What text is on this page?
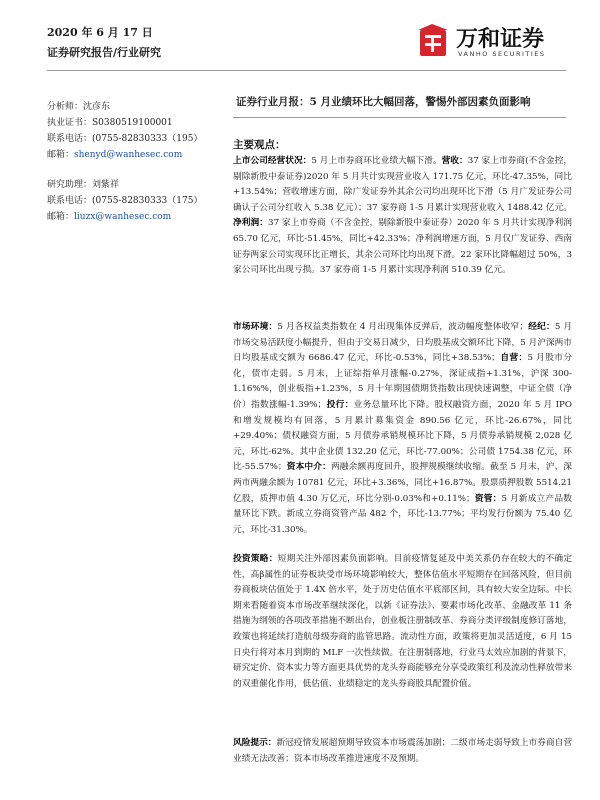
2020 年 6 月 17 日
证券研究报告/行业研究
万和证券
VANHO SECURITIES
证券行业月报：5 月业绩环比大幅回落，警惕外部因素负面影响
分析师：沈彦东
执业证书：S0380519100001
联系电话：(0755-82830333（195）
邮箱：shenyd@wanhesec.com
研究助理：刘紫祥
联系电话：(0755-82830333（175）
邮箱：liuzx@wanhesec.com
主要观点：
上市公司经营状况：5 月上市券商环比业绩大幅下滑。营收：37 家上市券商(不含金控，剔除新股中泰证券)2020 年 5 月共计实现营业收入 171.75 亿元，环比-47.35%，同比+13.54%；营收增速方面，除广发证券外其余公司均出现环比下滑（5 月广发证券公司确认子公司分红收入 5.38 亿元）；37 家券商 1-5 月累计实现营业收入 1488.42 亿元。净利润：37 家上市券商（不含金控，剔除新股中泰证券）2020 年 5 月共计实现净利润 65.70 亿元，环比-51.45%，同比+42.33%；净利润增速方面，5 月仅广发证券、西南证券两家公司实现环比正增长，其余公司环比均出现下滑。22 家环比降幅超过 50%，3 家公司环比出现亏损。37 家券商 1-5 月累计实现净利润 510.39 亿元。
市场环境：5 月各权益类指数在 4 月出现集体反弹后，波动幅度整体收窄；经纪：5 月市场交易活跃度小幅提升，但由于交易日减少，日均股基成交额环比下降，5 月沪深两市日均股基成交额为 6686.47 亿元，环比-0.53%，同比+38.53%；自营：5 月股市分化，债市走弱。5 月末，上证综指单月涨幅-0.27%，深证成指+1.31%，沪深 300-1.16%%，创业板指+1.23%，5 月十年期国债期货指数出现快速调整，中证全债（净价）指数涨幅-1.39%；投行：业务总量环比下降。股权融资方面，2020 年 5 月 IPO 和增发规模均有回落，5 月累计募集资金 890.56 亿元，环比-26.67%，同比+29.40%；债权融资方面，5 月债券承销规模环比下降，5 月债券承销规模 2,028 亿元，环比-62%。其中企业债 132.20 亿元，环比-77.00%；公司债 1754.38 亿元，环比-55.57%；资本中介：两融余额再度回升，股押规模继续收缩。截至 5 月末，沪、深两市两融余额为 10781 亿元，环比+3.36%，同比+16.87%。股票质押股数 5514.21 亿股，质押市值 4.30 万亿元，环比分别-0.03%和+0.11%；资管：5 月新成立产品数量环比下跌。新成立券商资管产品 482 个，环比-13.77%；平均发行份额为 75.40 亿元，环比-31.30%。
投资策略：短期关注外部因素负面影响。目前疫情复延及中美关系仍存在较大的不确定性，高β属性的证券板块受市场环境影响较大，整体估值水平短期存在回落风险，但目前券商板块估值处于 1.4X 倍水平，处于历史估值水平底部区间，具有较大安全边际。中长期来看随着资本市场改革继续深化，以新《证券法》、要素市场化改革、金融改革 11 条措施为纲领的各项改革措施不断出台，创业板注册制改革、券商分类评级制度修订落地，政策也将延续打造航母级券商的监管思路。流动性方面，政策将更加灵活适度，6 月 15 日央行将对本月到期的 MLF 一次性续做。在注册制落地，行业马太效应加剧的背景下，研究定价、资本实力等方面更具优势的龙头券商能够充分享受政策红利及流动性释放带来的双重催化作用，低估值、业绩稳定的龙头券商股具配置价值。
风险提示：新冠疫情发展超预期导致资本市场震荡加剧；二级市场走弱导致上市券商自营业绩无法改善；资本市场改革推进速度不及预期。
